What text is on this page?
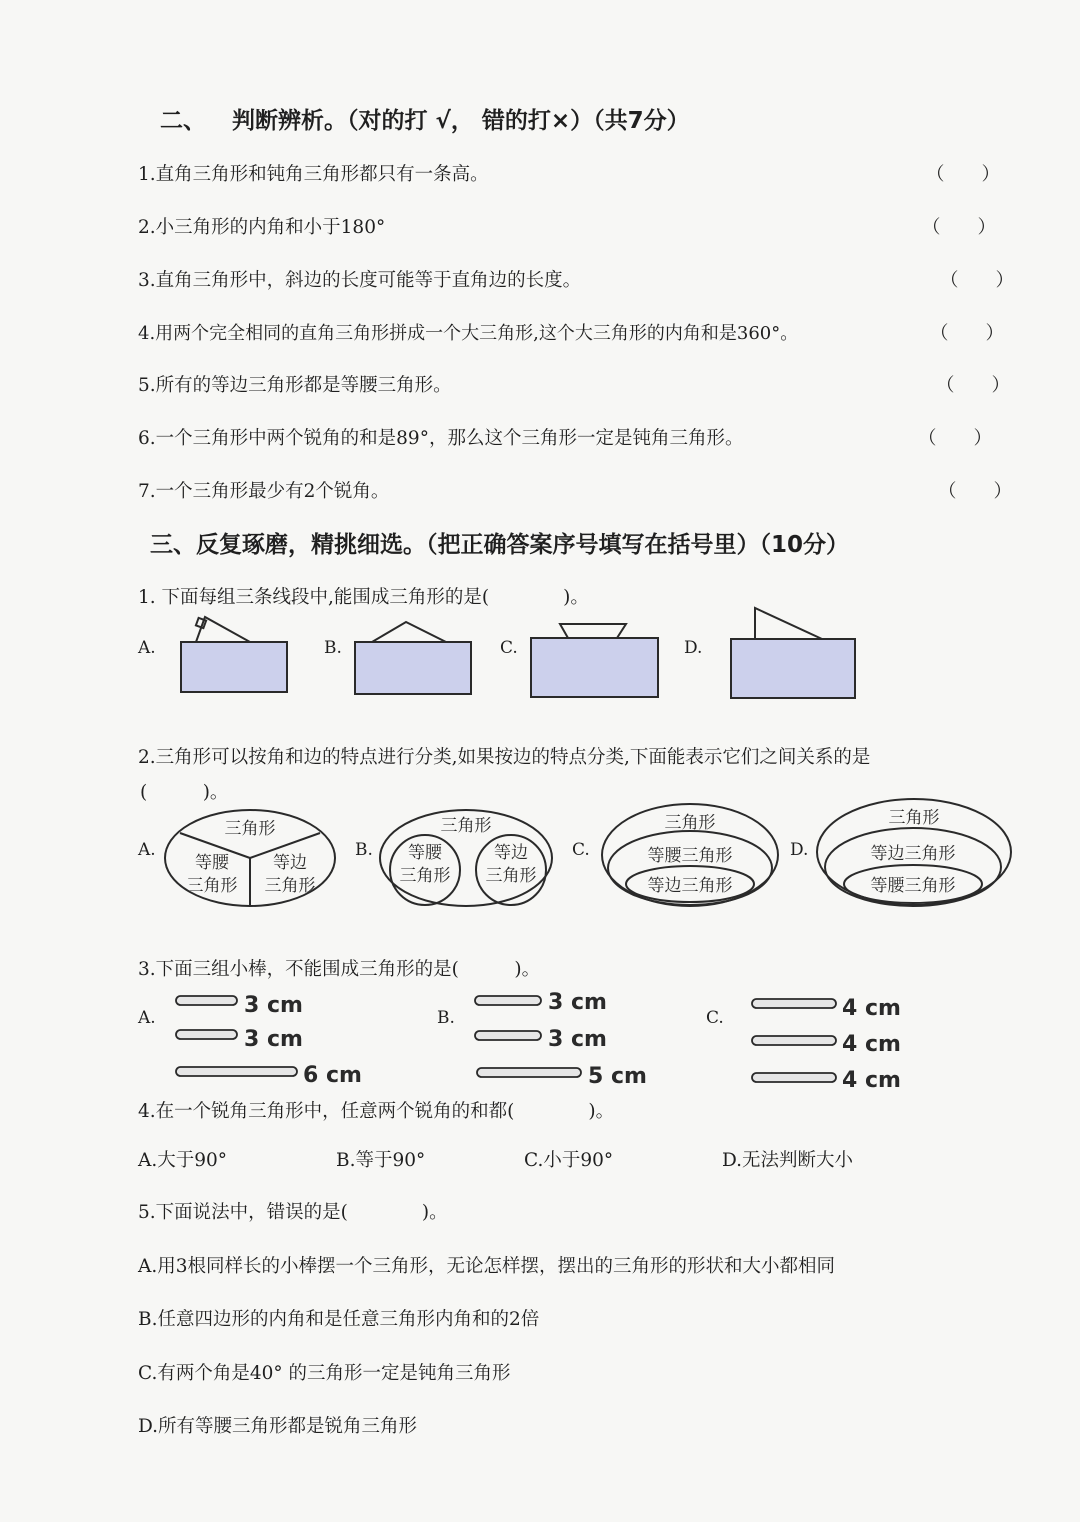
二、 判断辨析。（对的打 √， 错的打×）（共7分）
1.直角三角形和钝角三角形都只有一条高。	（　　）
2.小三角形的内角和小于180°	（　　）
3.直角三角形中，斜边的长度可能等于直角边的长度。	（　　）
4.用两个完全相同的直角三角形拼成一个大三角形,这个大三角形的内角和是360°。	（　　）
5.所有的等边三角形都是等腰三角形。	（　　）
6.一个三角形中两个锐角的和是89°，那么这个三角形一定是钝角三角形。	（　　）
7.一个三角形最少有2个锐角。	（　　）
三、反复琢磨，精挑细选。（把正确答案序号填写在括号里）（10分）
1. 下面每组三条线段中,能围成三角形的是(　　　　)。
A.	B.	C.	D.
2.三角形可以按角和边的特点进行分类,如果按边的特点分类,下面能表示它们之间关系的是
(　　　)。
A.	B.	C.	D.
三角形
等腰
三角形
等边
三角形
三角形
等腰
三角形
等边
三角形
三角形
等腰三角形
等边三角形
三角形
等边三角形
等腰三角形
3.下面三组小棒，不能围成三角形的是(　　　)。
A.	B.	C.
3 cm
3 cm
6 cm
3 cm
3 cm
5 cm
4 cm
4 cm
4 cm
4.在一个锐角三角形中，任意两个锐角的和都(　　　　)。
A.大于90°	B.等于90°	C.小于90°	D.无法判断大小
5.下面说法中，错误的是(　　　　)。
A.用3根同样长的小棒摆一个三角形，无论怎样摆，摆出的三角形的形状和大小都相同
B.任意四边形的内角和是任意三角形内角和的2倍
C.有两个角是40° 的三角形一定是钝角三角形
D.所有等腰三角形都是锐角三角形
